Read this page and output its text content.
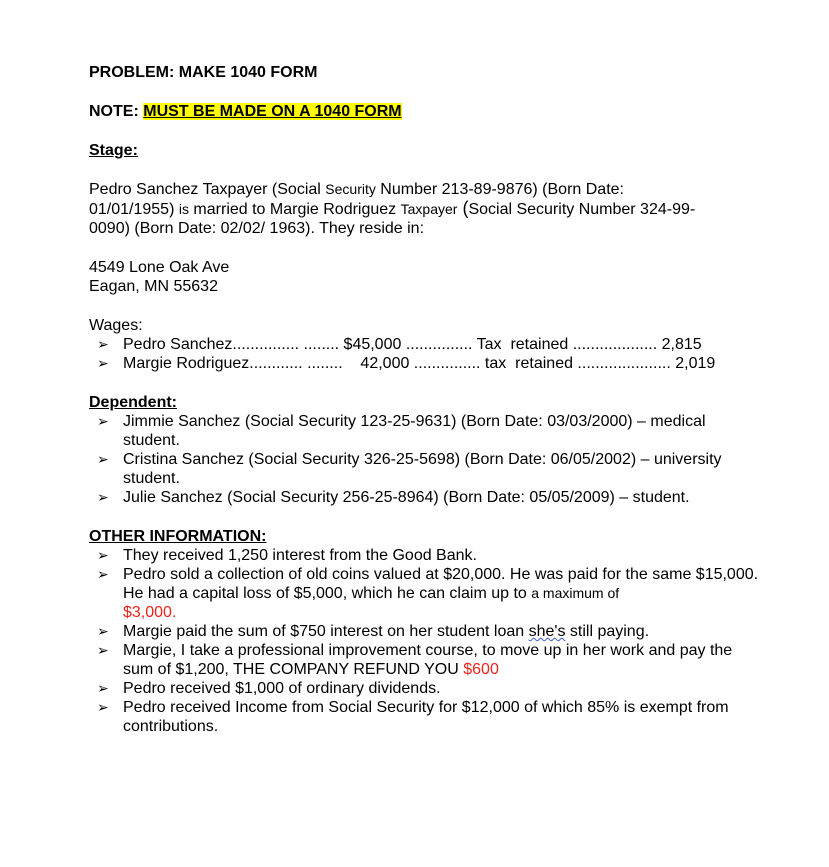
PROBLEM: MAKE 1040 FORM
NOTE: MUST BE MADE ON A 1040 FORM
Stage:
Pedro Sanchez Taxpayer (Social Security Number 213-89-9876) (Born Date:
01/01/1955) is married to Margie Rodriguez Taxpayer (Social Security Number 324-99-
0090) (Born Date: 02/02/ 1963). They reside in:
4549 Lone Oak Ave
Eagan, MN 55632
Wages:
➢ Pedro Sanchez............... ........ $45,000 ............... Tax  retained ................... 2,815
➢ Margie Rodriguez............ ........    42,000 ............... tax  retained ..................... 2,019
Dependent:
➢ Jimmie Sanchez (Social Security 123-25-9631) (Born Date: 03/03/2000) – medical student.
➢ Cristina Sanchez (Social Security 326-25-5698) (Born Date: 06/05/2002) – university student.
➢ Julie Sanchez (Social Security 256-25-8964) (Born Date: 05/05/2009) – student.
OTHER INFORMATION:
➢ They received 1,250 interest from the Good Bank.
➢ Pedro sold a collection of old coins valued at $20,000. He was paid for the same $15,000. He had a capital loss of $5,000, which he can claim up to a maximum of
$3,000.
➢ Margie paid the sum of $750 interest on her student loan she's still paying.
➢ Margie, I take a professional improvement course, to move up in her work and pay the sum of $1,200, THE COMPANY REFUND YOU $600
➢ Pedro received $1,000 of ordinary dividends.
➢ Pedro received Income from Social Security for $12,000 of which 85% is exempt from contributions.
